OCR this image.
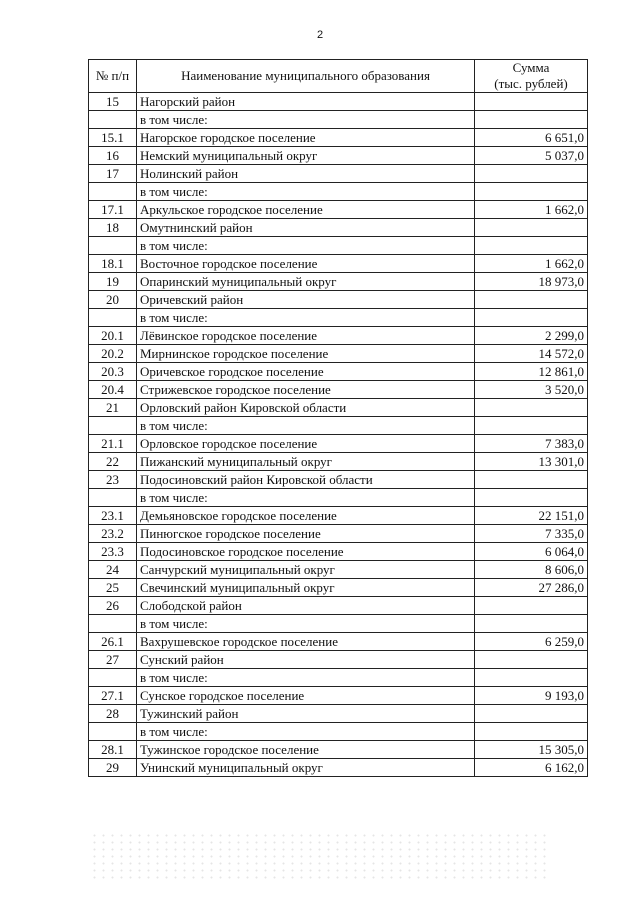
2
№ п/п	Наименование муниципального образования	Сумма
(тыс. рублей)
15	Нагорский район	
	в том числе:	
15.1	Нагорское городское поселение	6 651,0
16	Немский муниципальный округ	5 037,0
17	Нолинский район	
	в том числе:	
17.1	Аркульское городское поселение	1 662,0
18	Омутнинский район	
	в том числе:	
18.1	Восточное городское поселение	1 662,0
19	Опаринский муниципальный округ	18 973,0
20	Оричевский район	
	в том числе:	
20.1	Лёвинское городское поселение	2 299,0
20.2	Мирнинское городское поселение	14 572,0
20.3	Оричевское городское поселение	12 861,0
20.4	Стрижевское городское поселение	3 520,0
21	Орловский район Кировской области	
	в том числе:	
21.1	Орловское городское поселение	7 383,0
22	Пижанский муниципальный округ	13 301,0
23	Подосиновский район Кировской области	
	в том числе:	
23.1	Демьяновское городское поселение	22 151,0
23.2	Пинюгское городское поселение	7 335,0
23.3	Подосиновское городское поселение	6 064,0
24	Санчурский муниципальный округ	8 606,0
25	Свечинский муниципальный округ	27 286,0
26	Слободской район	
	в том числе:	
26.1	Вахрушевское городское поселение	6 259,0
27	Сунский район	
	в том числе:	
27.1	Сунское городское поселение	9 193,0
28	Тужинский район	
	в том числе:	
28.1	Тужинское городское поселение	15 305,0
29	Унинский муниципальный округ	6 162,0
